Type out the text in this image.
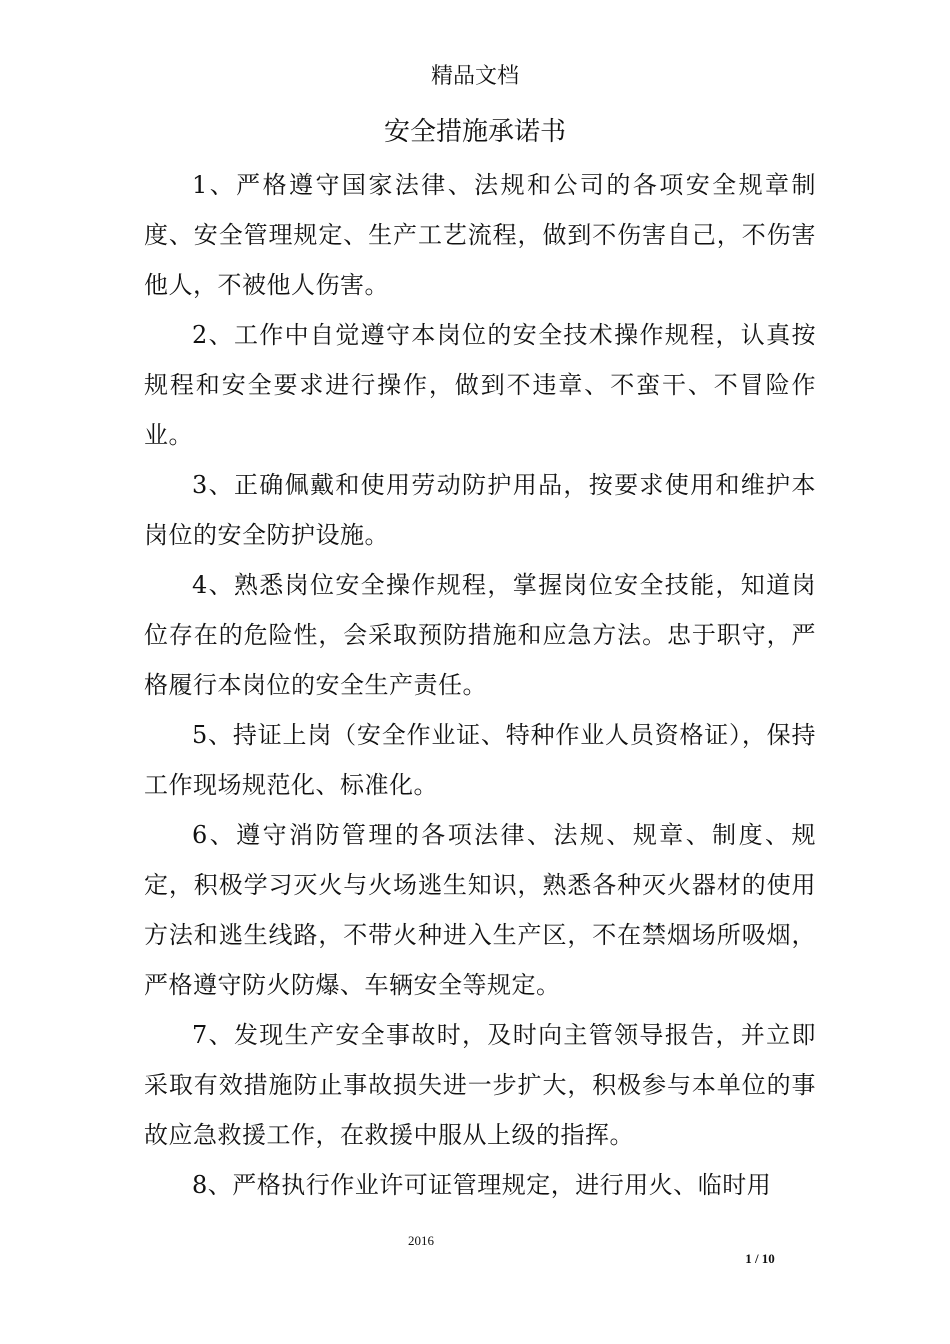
精品文档
安全措施承诺书

1、严格遵守国家法律、法规和公司的各项安全规章制度、安全管理规定、生产工艺流程，做到不伤害自己，不伤害他人，不被他人伤害。

2、工作中自觉遵守本岗位的安全技术操作规程，认真按规程和安全要求进行操作，做到不违章、不蛮干、不冒险作业。

3、正确佩戴和使用劳动防护用品，按要求使用和维护本岗位的安全防护设施。

4、熟悉岗位安全操作规程，掌握岗位安全技能，知道岗位存在的危险性，会采取预防措施和应急方法。忠于职守，严格履行本岗位的安全生产责任。

5、持证上岗（安全作业证、特种作业人员资格证），保持工作现场规范化、标准化。

6、遵守消防管理的各项法律、法规、规章、制度、规定，积极学习灭火与火场逃生知识，熟悉各种灭火器材的使用方法和逃生线路，不带火种进入生产区，不在禁烟场所吸烟，严格遵守防火防爆、车辆安全等规定。

7、发现生产安全事故时，及时向主管领导报告，并立即采取有效措施防止事故损失进一步扩大，积极参与本单位的事故应急救援工作，在救援中服从上级的指挥。

8、严格执行作业许可证管理规定，进行用火、临时用

2016
1 / 10
